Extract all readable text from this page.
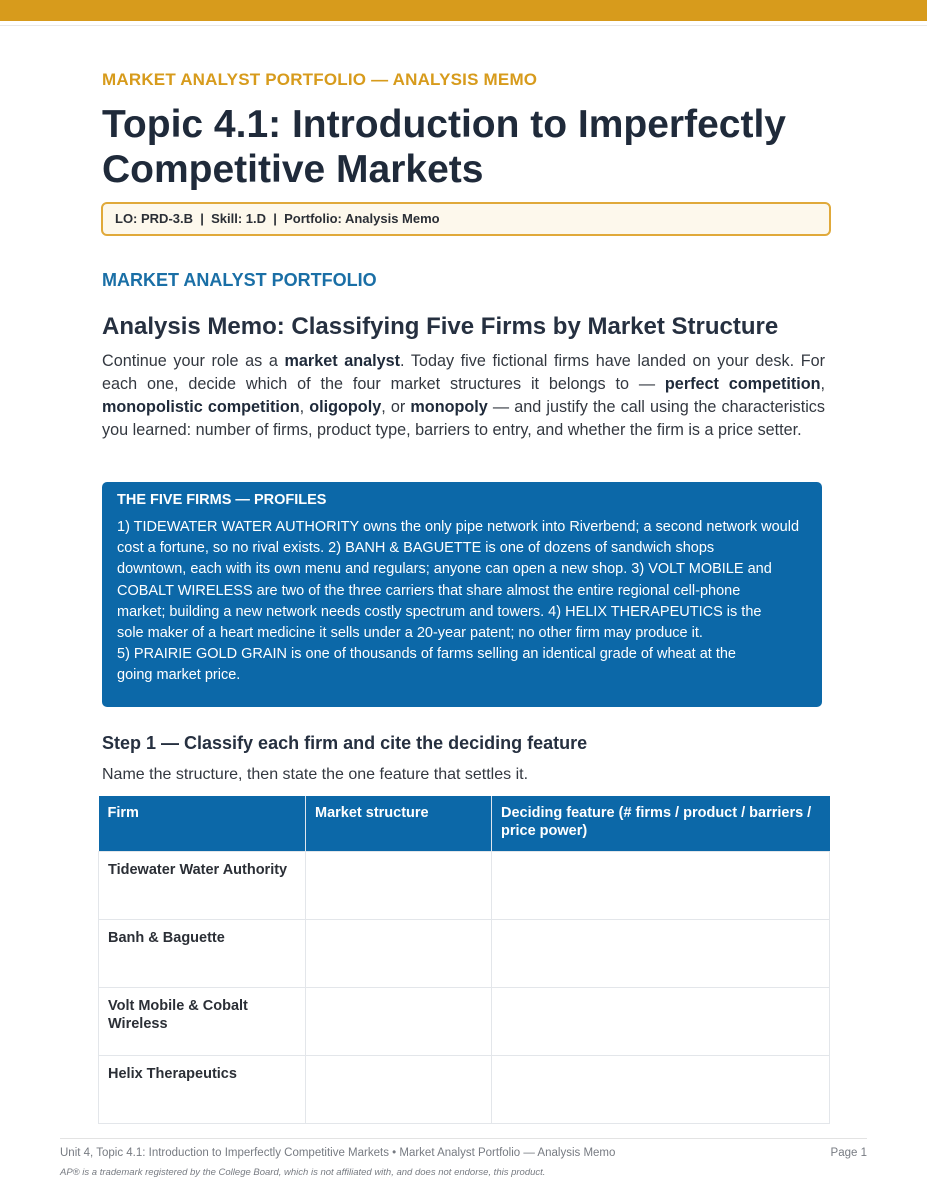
MARKET ANALYST PORTFOLIO — ANALYSIS MEMO
Topic 4.1: Introduction to Imperfectly Competitive Markets
LO: PRD-3.B  |  Skill: 1.D  |  Portfolio: Analysis Memo
MARKET ANALYST PORTFOLIO
Analysis Memo: Classifying Five Firms by Market Structure

Continue your role as a market analyst. Today five fictional firms have landed on your desk. For each one, decide which of the four market structures it belongs to — perfect competition, monopolistic competition, oligopoly, or monopoly — and justify the call using the characteristics you learned: number of firms, product type, barriers to entry, and whether the firm is a price setter.

THE FIVE FIRMS — PROFILES
1) TIDEWATER WATER AUTHORITY owns the only pipe network into Riverbend; a second network would
cost a fortune, so no rival exists. 2) BANH & BAGUETTE is one of dozens of sandwich shops
downtown, each with its own menu and regulars; anyone can open a new shop. 3) VOLT MOBILE and
COBALT WIRELESS are two of the three carriers that share almost the entire regional cell-phone
market; building a new network needs costly spectrum and towers. 4) HELIX THERAPEUTICS is the
sole maker of a heart medicine it sells under a 20-year patent; no other firm may produce it.
5) PRAIRIE GOLD GRAIN is one of thousands of farms selling an identical grade of wheat at the
going market price.
Step 1 — Classify each firm and cite the deciding feature

Name the structure, then state the one feature that settles it.

Firm	Market structure	Deciding feature (# firms / product / barriers / price power)
Tidewater Water Authority		
Banh & Baguette		
Volt Mobile & Cobalt Wireless		
Helix Therapeutics		
Unit 4, Topic 4.1: Introduction to Imperfectly Competitive Markets • Market Analyst Portfolio — Analysis Memo	Page 1
AP® is a trademark registered by the College Board, which is not affiliated with, and does not endorse, this product.
